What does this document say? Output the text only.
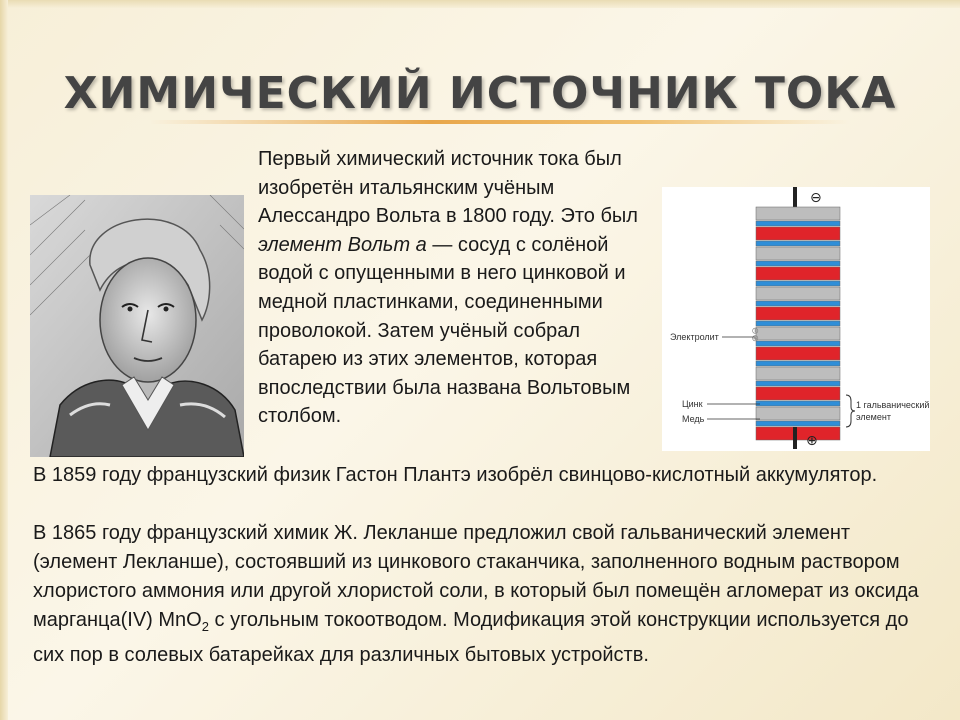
ХИМИЧЕСКИЙ ИСТОЧНИК ТОКА
Первый химический источник тока был изобретён итальянским учёным Алессандро Вольта в 1800 году. Это был элемент Вольт а — сосуд с солёной водой с опущенными в него цинковой и медной пластинками, соединенными проволокой. Затем учёный собрал батарею из этих элементов, которая впоследствии была названа Вольтовым столбом.
⊖
⊕
⊕⊖
Электролит
Цинк
Медь
1 гальванический
элемент
В 1859 году французский физик Гастон Плантэ изобрёл свинцово-кислотный аккумулятор.
В 1865 году французский химик Ж. Лекланше предложил свой гальванический элемент (элемент Лекланше), состоявший из цинкового стаканчика, заполненного водным раствором хлористого аммония или другой хлористой соли, в который был помещён агломерат из оксида марганца(IV) MnO$_2$ с угольным токоотводом. Модификация этой конструкции используется до сих пор в солевых батарейках для различных бытовых устройств.
